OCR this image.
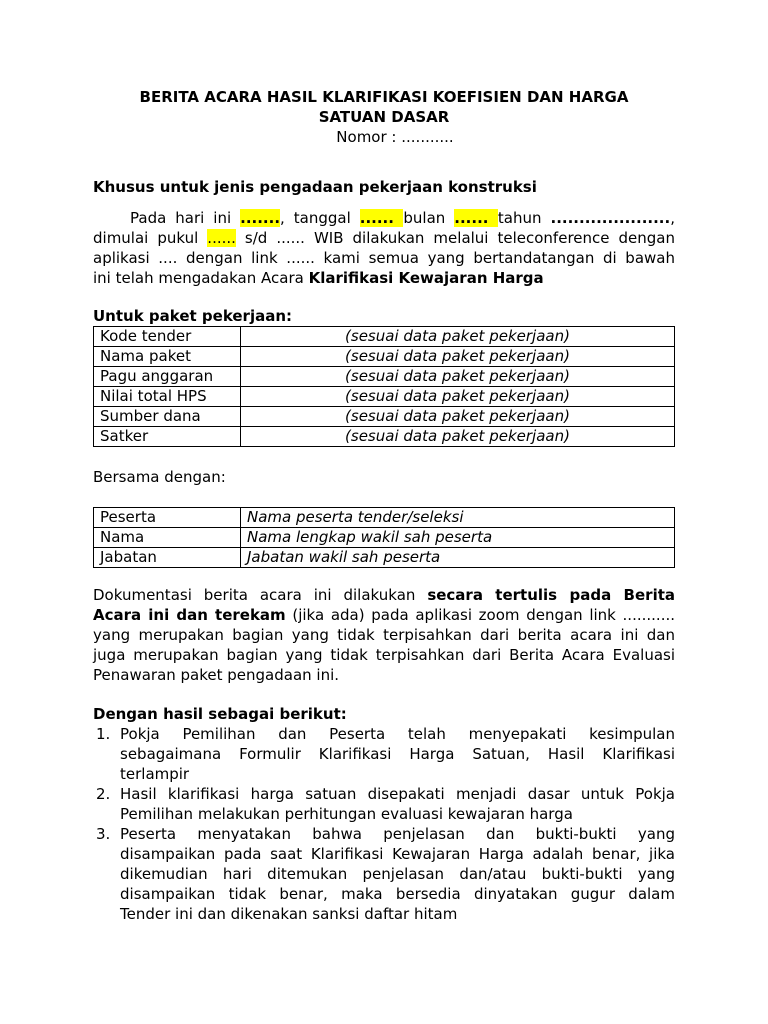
BERITA ACARA HASIL KLARIFIKASI KOEFISIEN DAN HARGA
SATUAN DASAR
Nomor : ...........
Khusus untuk jenis pengadaan pekerjaan konstruksi
Pada hari ini ......., tanggal ...... bulan ...... tahun .....................,
dimulai pukul ...... s/d ...... WIB dilakukan melalui teleconference dengan
aplikasi .... dengan link ...... kami semua yang bertandatangan di bawah
ini telah mengadakan Acara Klarifikasi Kewajaran Harga
Untuk paket pekerjaan:
Kode tender	(sesuai data paket pekerjaan)
Nama paket	(sesuai data paket pekerjaan)
Pagu anggaran	(sesuai data paket pekerjaan)
Nilai total HPS	(sesuai data paket pekerjaan)
Sumber dana	(sesuai data paket pekerjaan)
Satker	(sesuai data paket pekerjaan)
Bersama dengan:
Peserta	Nama peserta tender/seleksi
Nama	Nama lengkap wakil sah peserta
Jabatan	Jabatan wakil sah peserta
Dokumentasi berita acara ini dilakukan secara tertulis pada Berita
Acara ini dan terekam (jika ada) pada aplikasi zoom dengan link ...........
yang merupakan bagian yang tidak terpisahkan dari berita acara ini dan
juga merupakan bagian yang tidak terpisahkan dari Berita Acara Evaluasi
Penawaran paket pengadaan ini.
Dengan hasil sebagai berikut:
1. Pokja Pemilihan dan Peserta telah menyepakati kesimpulan
sebagaimana Formulir Klarifikasi Harga Satuan, Hasil Klarifikasi
terlampir
2. Hasil klarifikasi harga satuan disepakati menjadi dasar untuk Pokja
Pemilihan melakukan perhitungan evaluasi kewajaran harga
3. Peserta menyatakan bahwa penjelasan dan bukti-bukti yang
disampaikan pada saat Klarifikasi Kewajaran Harga adalah benar, jika
dikemudian hari ditemukan penjelasan dan/atau bukti-bukti yang
disampaikan tidak benar, maka bersedia dinyatakan gugur dalam
Tender ini dan dikenakan sanksi daftar hitam
